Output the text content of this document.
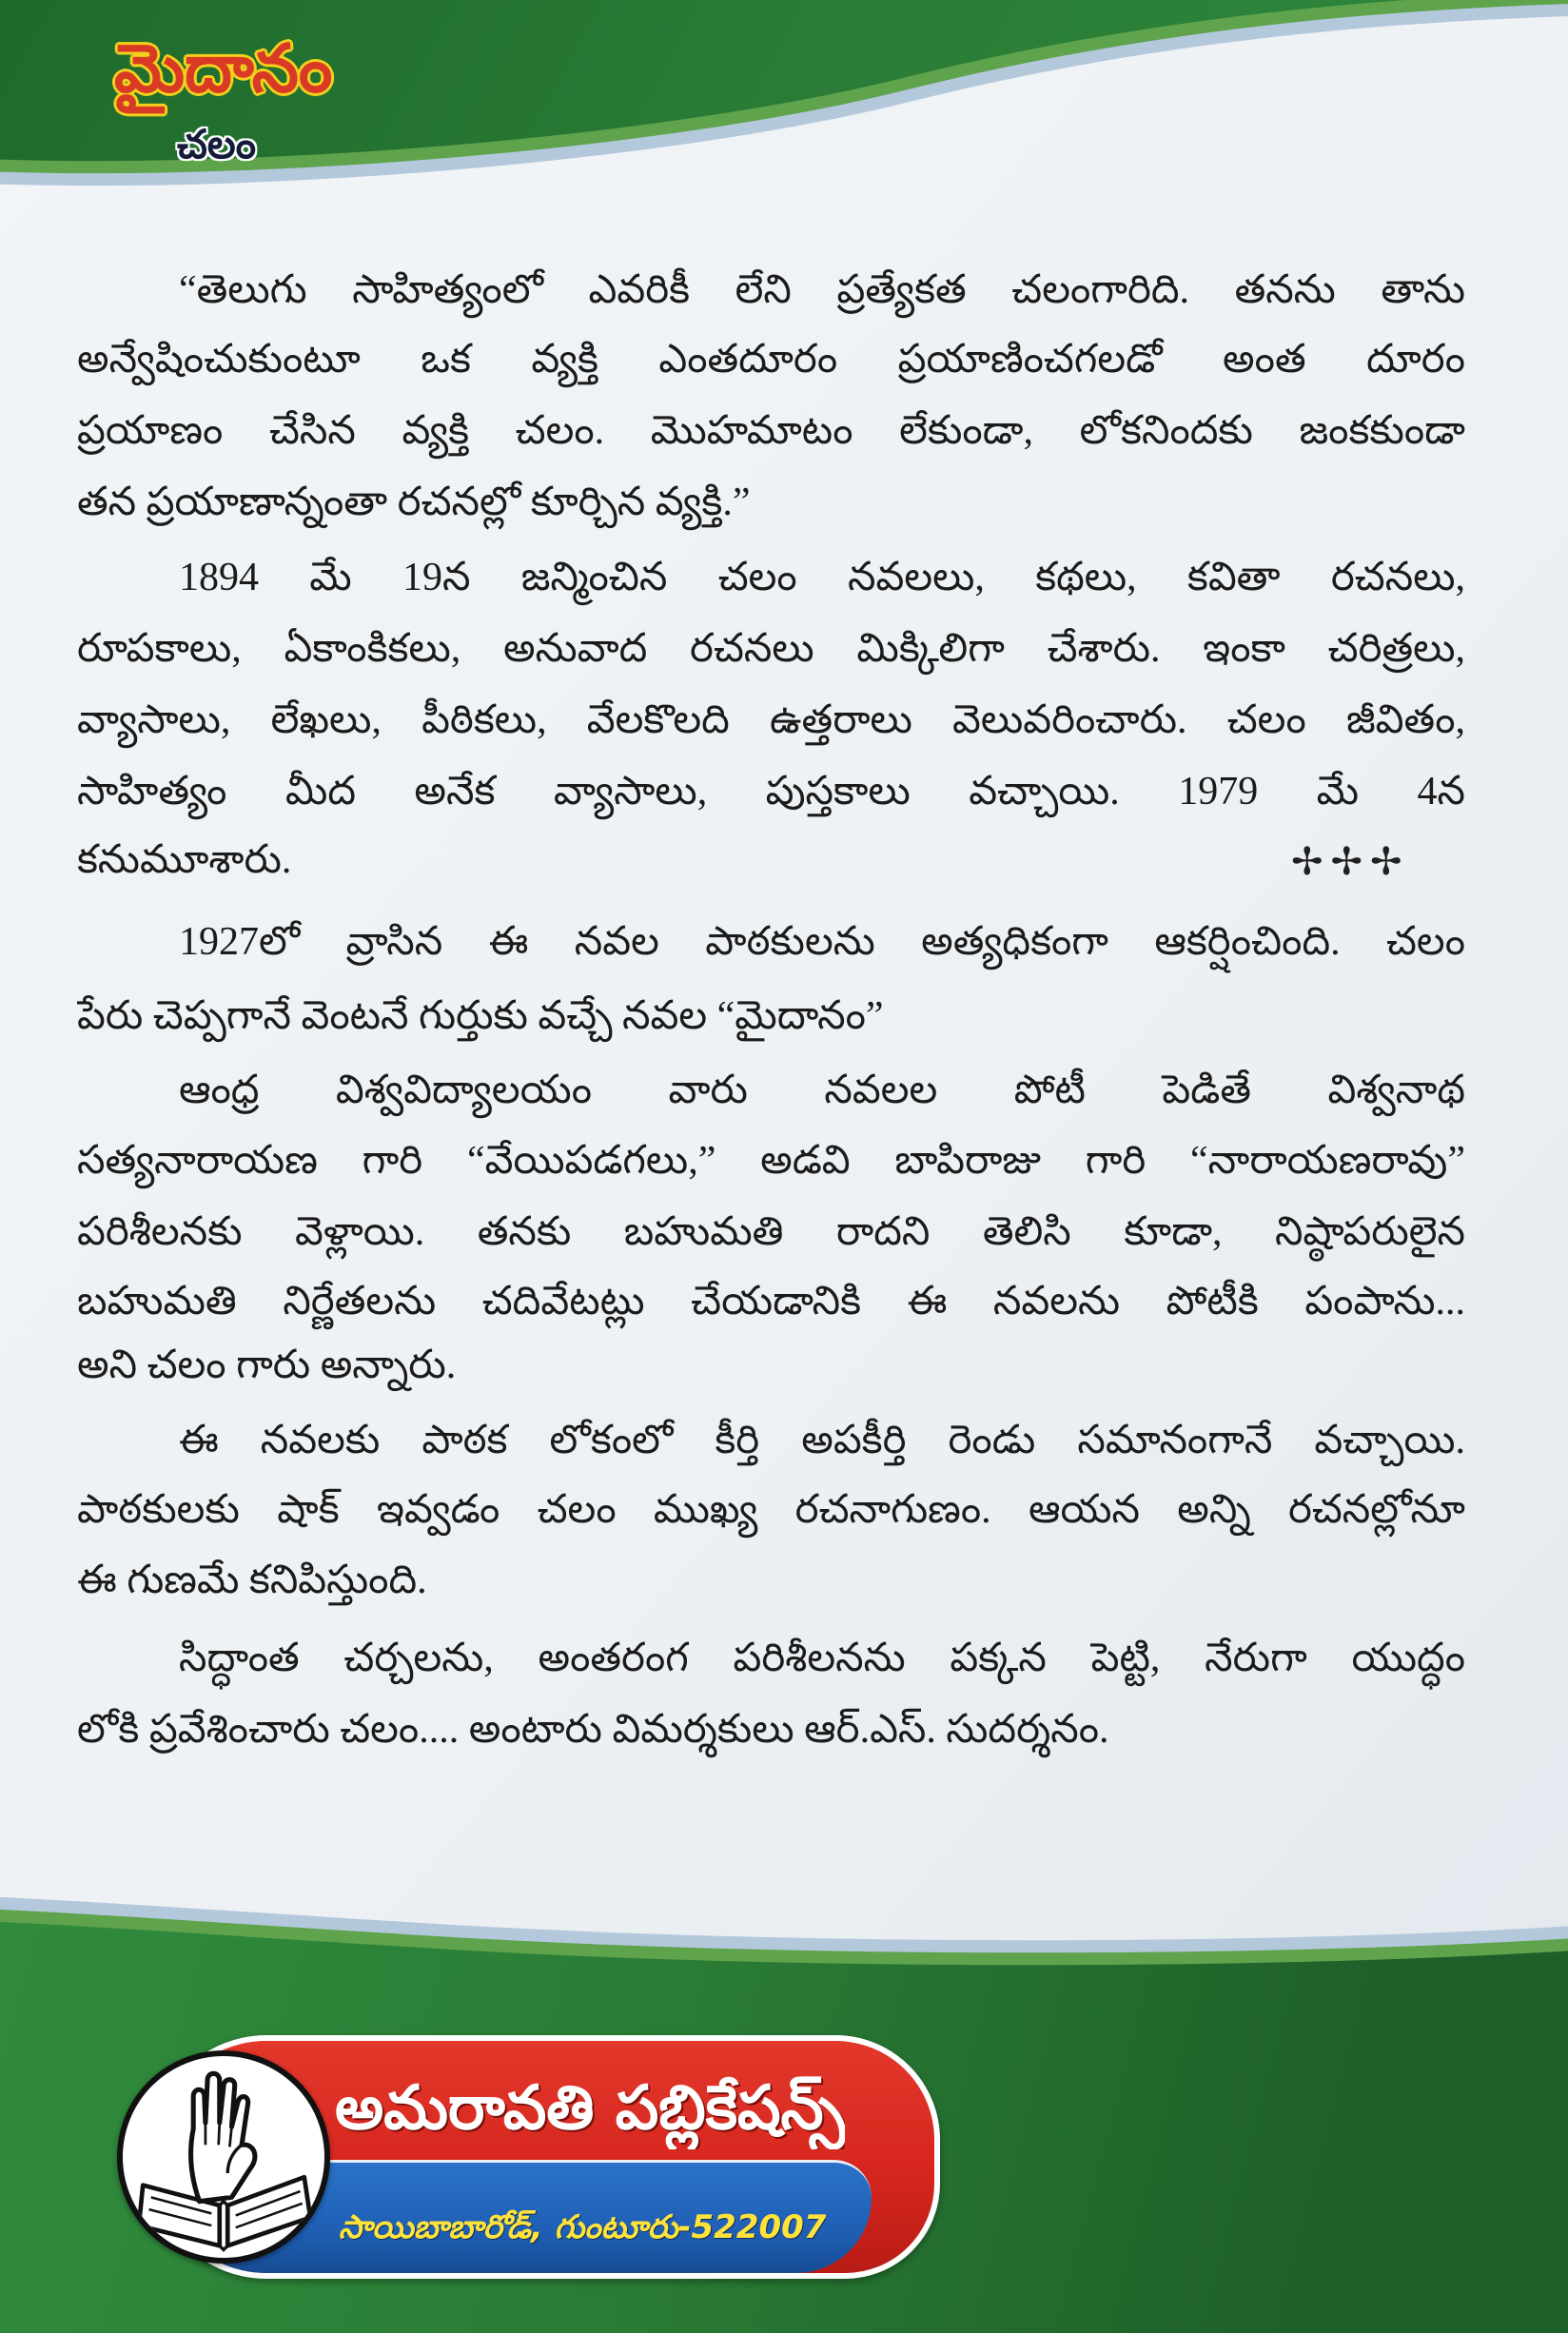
మైదానం
చలం
“తెలుగు సాహిత్యంలో ఎవరికీ లేని ప్రత్యేకత చలంగారిది. తనను తాను
అన్వేషించుకుంటూ ఒక వ్యక్తి ఎంతదూరం ప్రయాణించగలడో అంత దూరం
ప్రయాణం చేసిన వ్యక్తి చలం. మొహమాటం లేకుండా, లోకనిందకు జంకకుండా
తన ప్రయాణాన్నంతా రచనల్లో కూర్చిన వ్యక్తి.”
1894 మే 19న జన్మించిన చలం నవలలు, కథలు, కవితా రచనలు,
రూపకాలు, ఏకాంకికలు, అనువాద రచనలు మిక్కిలిగా చేశారు. ఇంకా చరిత్రలు,
వ్యాసాలు, లేఖలు, పీఠికలు, వేలకొలది ఉత్తరాలు వెలువరించారు. చలం జీవితం,
సాహిత్యం మీద అనేక వ్యాసాలు, పుస్తకాలు వచ్చాయి. 1979 మే 4న
కనుమూశారు.	✢✢✢
1927లో వ్రాసిన ఈ నవల పాఠకులను అత్యధికంగా ఆకర్షించింది. చలం
పేరు చెప్పగానే వెంటనే గుర్తుకు వచ్చే నవల “మైదానం”
ఆంధ్ర విశ్వవిద్యాలయం వారు నవలల పోటీ పెడితే విశ్వనాథ
సత్యనారాయణ గారి “వేయిపడగలు,” అడవి బాపిరాజు గారి “నారాయణరావు”
పరిశీలనకు వెళ్లాయి. తనకు బహుమతి రాదని తెలిసి కూడా, నిష్ఠాపరులైన
బహుమతి నిర్ణేతలను చదివేటట్లు చేయడానికి ఈ నవలను పోటీకి పంపాను...
అని చలం గారు అన్నారు.
ఈ నవలకు పాఠక లోకంలో కీర్తి అపకీర్తి రెండు సమానంగానే వచ్చాయి.
పాఠకులకు షాక్ ఇవ్వడం చలం ముఖ్య రచనాగుణం. ఆయన అన్ని రచనల్లోనూ
ఈ గుణమే కనిపిస్తుంది.
సిద్ధాంత చర్చలను, అంతరంగ పరిశీలనను పక్కన పెట్టి, నేరుగా యుద్ధం
లోకి ప్రవేశించారు చలం.... అంటారు విమర్శకులు ఆర్.ఎస్. సుదర్శనం.
అమరావతి పబ్లికేషన్స్
సాయిబాబారోడ్, గుంటూరు-522007
